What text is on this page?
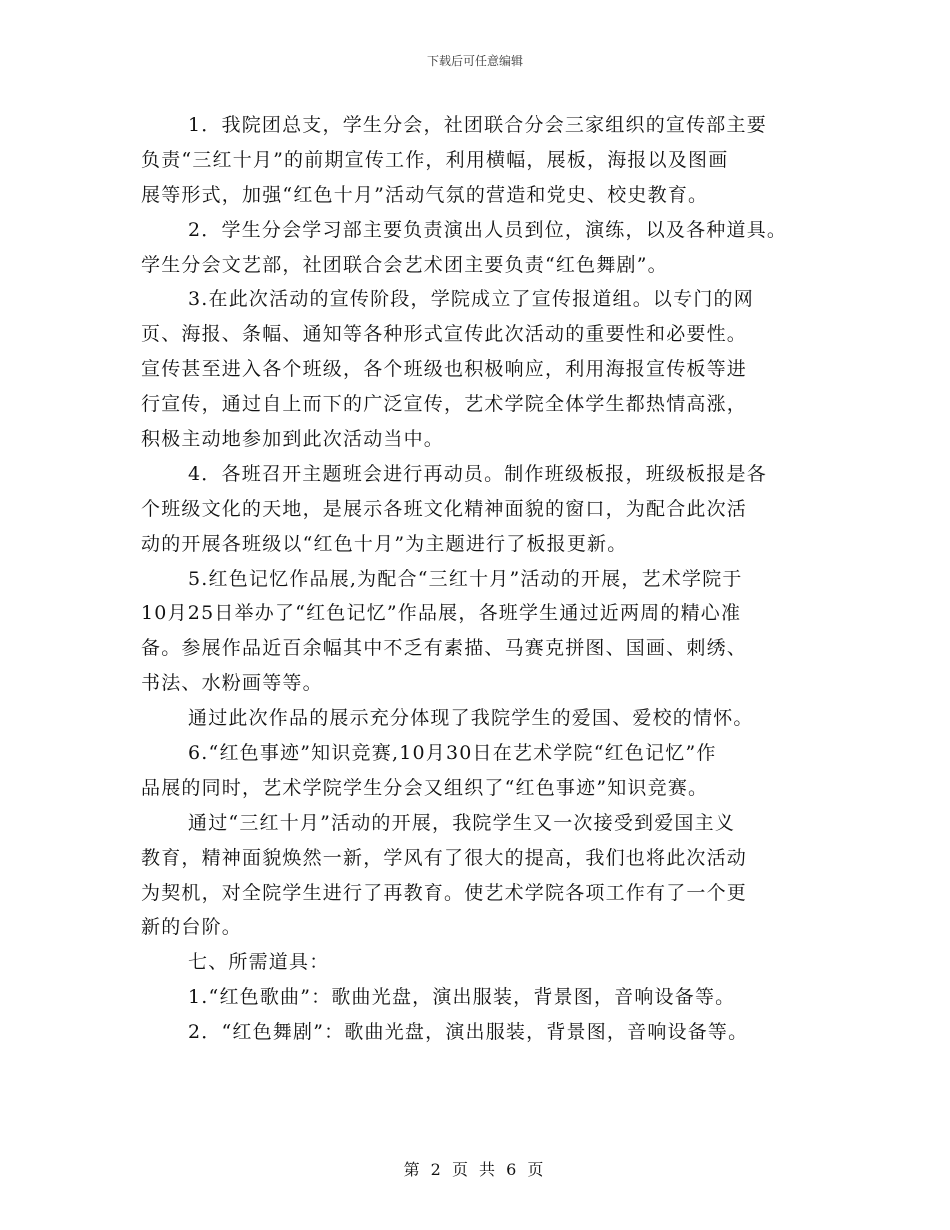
下载后可任意编辑
1．我院团总支，学生分会，社团联合分会三家组织的宣传部主要
负责“三红十月”的前期宣传工作，利用横幅，展板，海报以及图画
展等形式，加强“红色十月”活动气氛的营造和党史、校史教育。
2．学生分会学习部主要负责演出人员到位，演练，以及各种道具。
学生分会文艺部，社团联合会艺术团主要负责“红色舞剧”。
3.在此次活动的宣传阶段，学院成立了宣传报道组。以专门的网
页、海报、条幅、通知等各种形式宣传此次活动的重要性和必要性。
宣传甚至进入各个班级，各个班级也积极响应，利用海报宣传板等进
行宣传，通过自上而下的广泛宣传，艺术学院全体学生都热情高涨，
积极主动地参加到此次活动当中。
4．各班召开主题班会进行再动员。制作班级板报，班级板报是各
个班级文化的天地，是展示各班文化精神面貌的窗口，为配合此次活
动的开展各班级以“红色十月”为主题进行了板报更新。
5.红色记忆作品展,为配合“三红十月”活动的开展，艺术学院于
10月25日举办了“红色记忆”作品展，各班学生通过近两周的精心准
备。参展作品近百余幅其中不乏有素描、马赛克拼图、国画、刺绣、
书法、水粉画等等。
通过此次作品的展示充分体现了我院学生的爱国、爱校的情怀。
6.“红色事迹”知识竞赛,10月30日在艺术学院“红色记忆”作
品展的同时，艺术学院学生分会又组织了“红色事迹”知识竞赛。
通过“三红十月”活动的开展，我院学生又一次接受到爱国主义
教育，精神面貌焕然一新，学风有了很大的提高，我们也将此次活动
为契机，对全院学生进行了再教育。使艺术学院各项工作有了一个更
新的台阶。
七、所需道具：
1.“红色歌曲”：歌曲光盘，演出服装，背景图，音响设备等。
2．“红色舞剧”：歌曲光盘，演出服装，背景图，音响设备等。
第 2 页 共 6 页
